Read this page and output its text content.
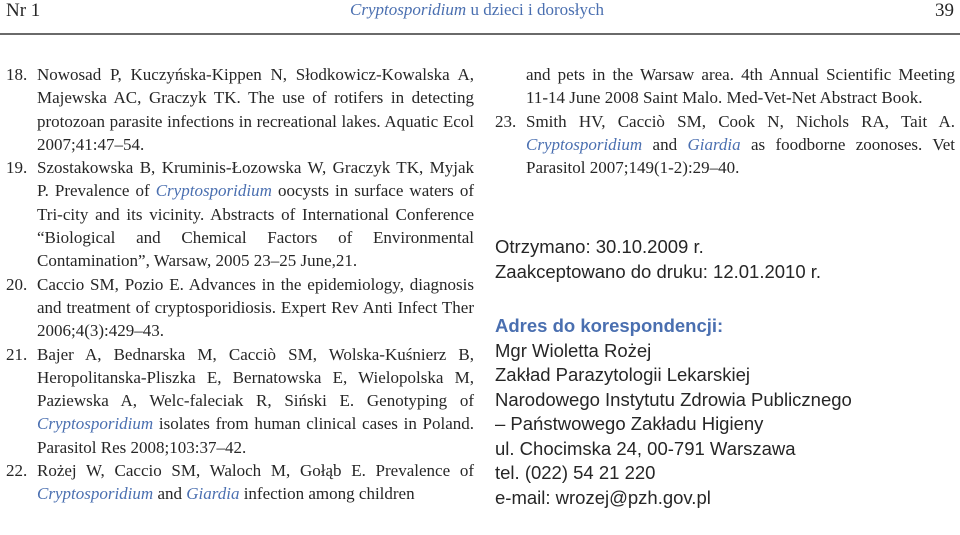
Nr 1	Cryptosporidium u dzieci i dorosłych	39
18. Nowosad P, Kuczyńska-Kippen N, Słodkowicz-Kowalska A, Majewska AC, Graczyk TK. The use of rotifers in detecting protozoan parasite infections in recreational lakes. Aquatic Ecol 2007;41:47–54.
19. Szostakowska B, Kruminis-Łozowska W, Graczyk TK, Myjak P. Prevalence of Cryptosporidium oocysts in surface waters of Tri-city and its vicinity. Abstracts of International Conference “Biological and Chemical Factors of Environmental Contamination”, Warsaw, 2005 23–25 June,21.
20. Caccio SM, Pozio E. Advances in the epidemiology, diagnosis and treatment of cryptosporidiosis. Expert Rev Anti Infect Ther 2006;4(3):429–43.
21. Bajer A, Bednarska M, Cacciò SM, Wolska-Kuśnierz B, Heropolitanska-Pliszka E, Bernatowska E, Wielopolska M, Paziewska A, Welc-faleciak R, Siński E. Genotyping of Cryptosporidium isolates from human clinical cases in Poland. Parasitol Res 2008;103:37–42.
22. Rożej W, Caccio SM, Waloch M, Gołąb E. Prevalence of Cryptosporidium and Giardia infection among children
and pets in the Warsaw area. 4th Annual Scientific Meeting 11-14 June 2008 Saint Malo. Med-Vet-Net Abstract Book.
23. Smith HV, Cacciò SM, Cook N, Nichols RA, Tait A. Cryptosporidium and Giardia as foodborne zoonoses. Vet Parasitol 2007;149(1-2):29–40.
Otrzymano: 30.10.2009 r.
Zaakceptowano do druku: 12.01.2010 r.
Adres do korespondencji:
Mgr Wioletta Rożej
Zakład Parazytologii Lekarskiej
Narodowego Instytutu Zdrowia Publicznego
– Państwowego Zakładu Higieny
ul. Chocimska 24, 00-791 Warszawa
tel. (022) 54 21 220
e-mail: wrozej@pzh.gov.pl
